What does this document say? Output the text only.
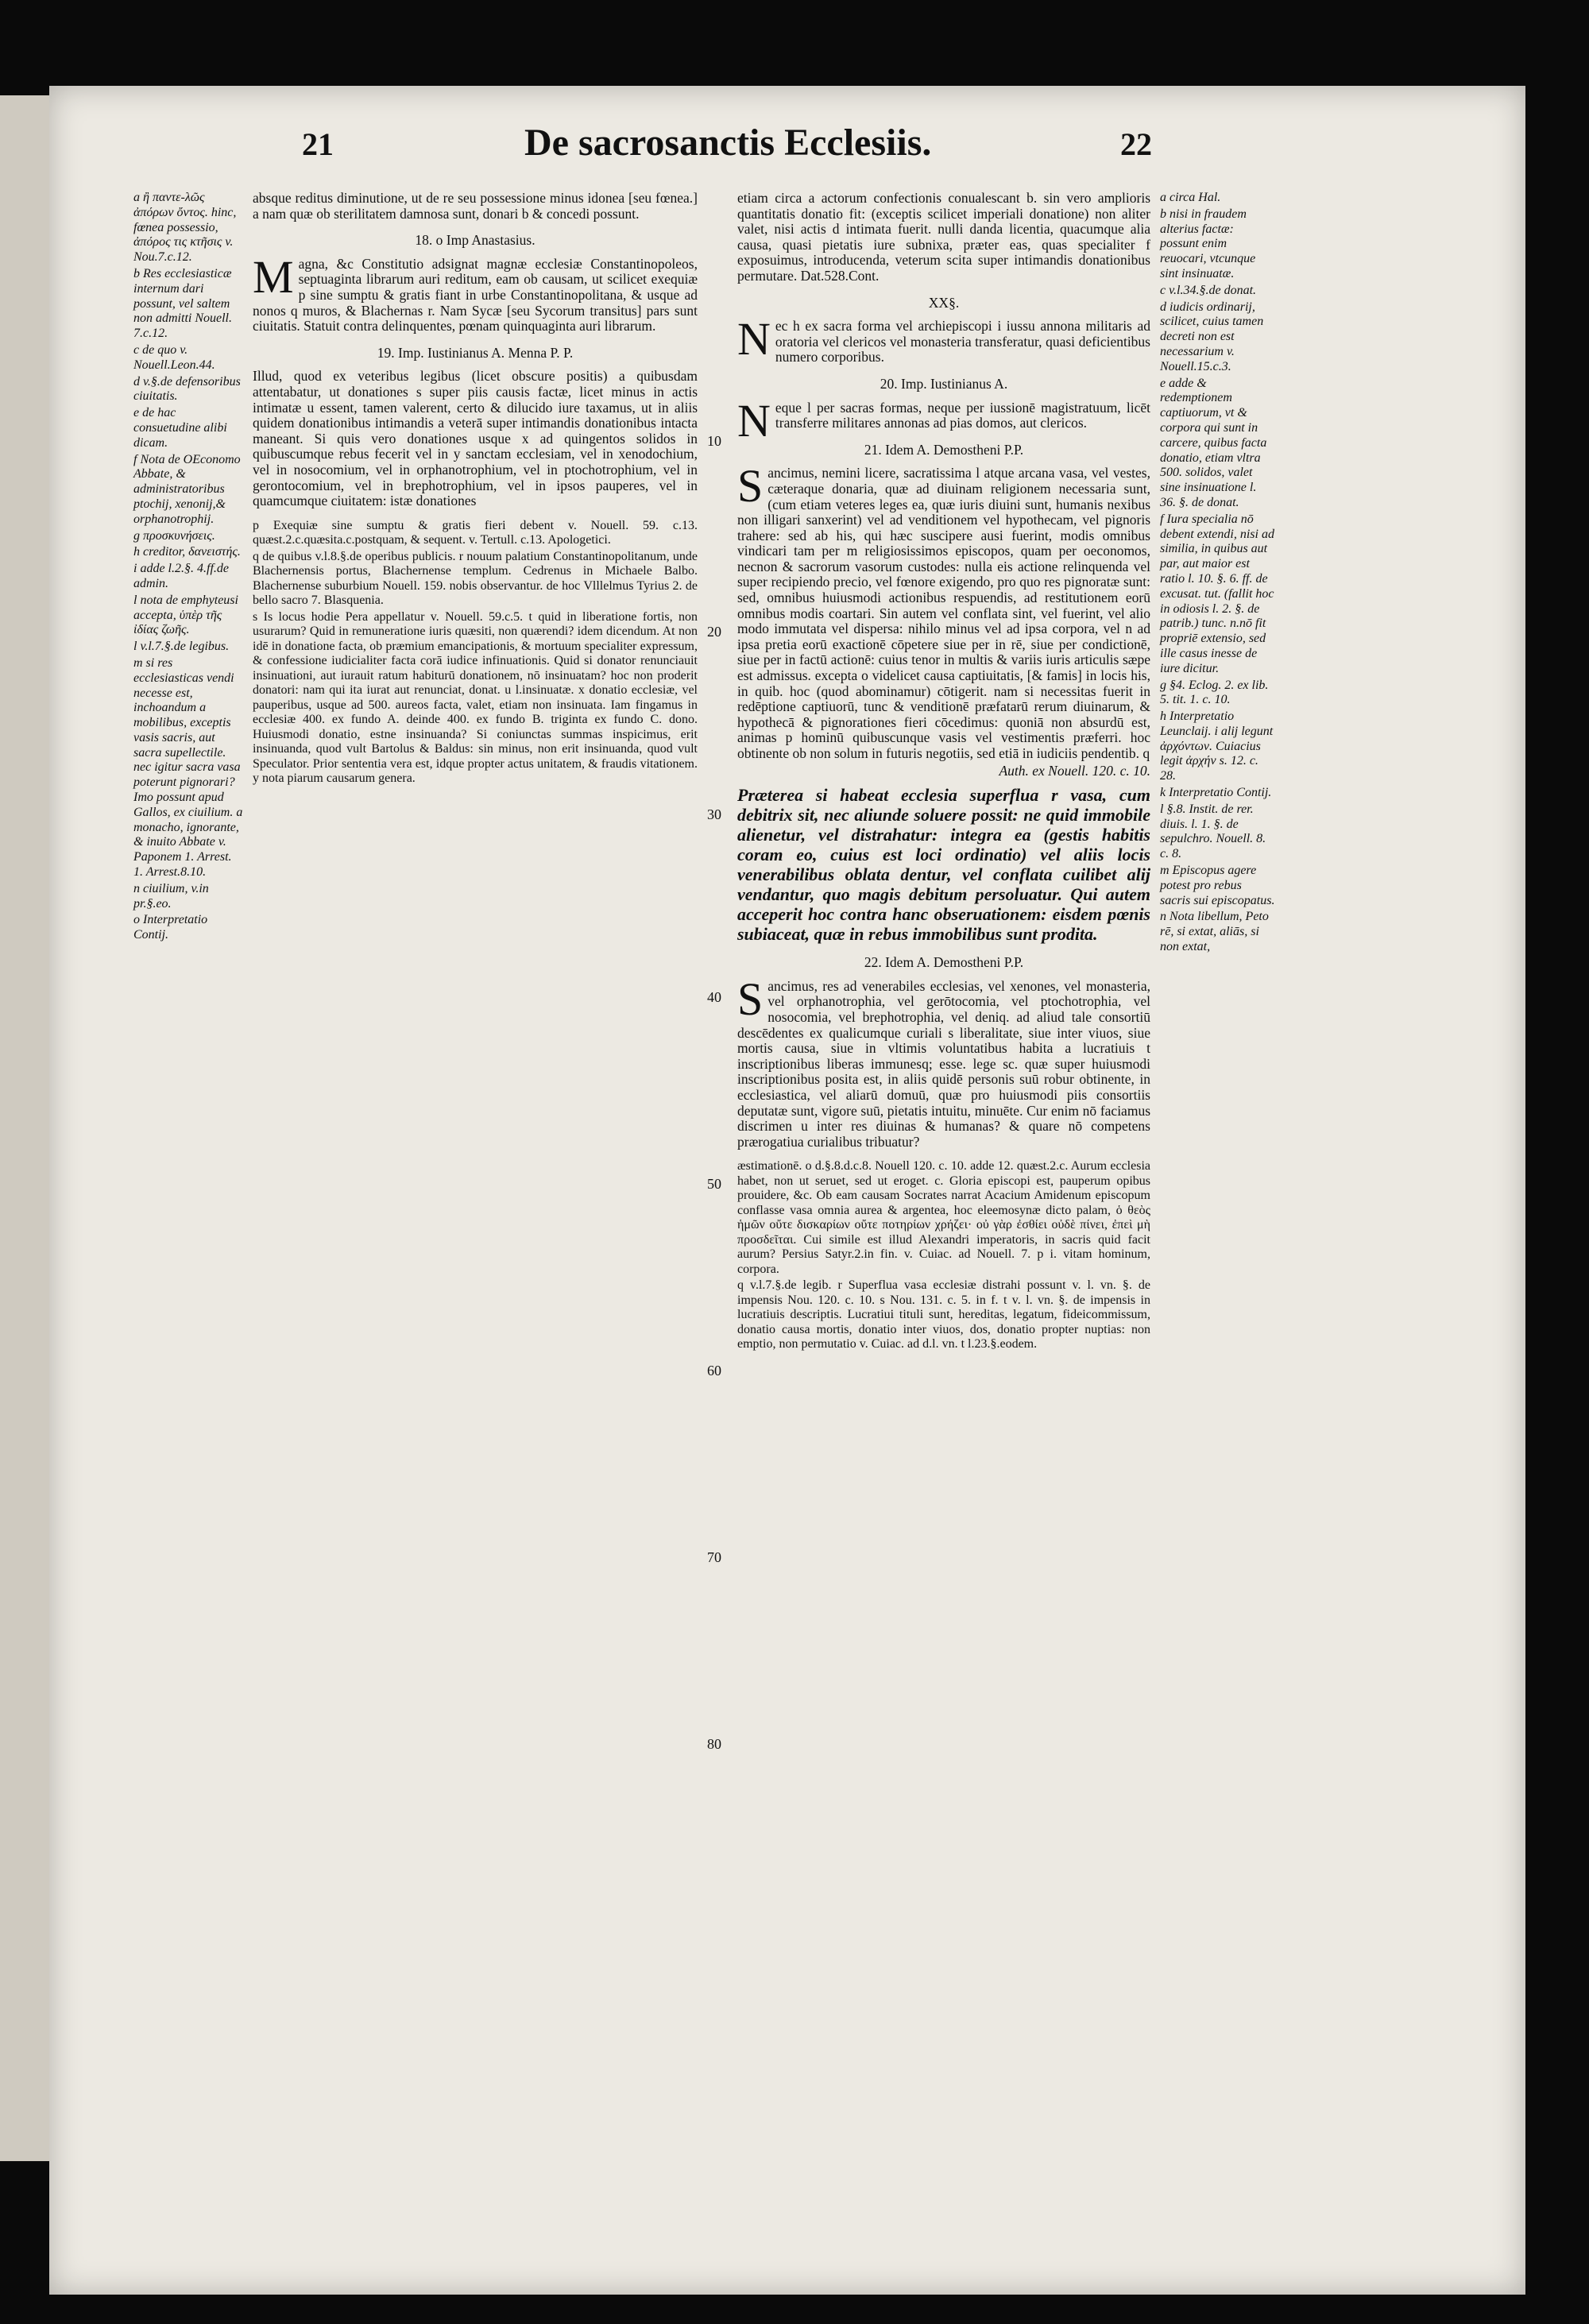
21	De sacrosanctis Ecclesiis.	22

a ἢ παντε-λῶς ἀπόρων ὄντος. hinc, fœnea possessio, ἀπόρος τις κτῆσις v. Nou.7.c.12.

b Res ecclesiasticæ internum dari possunt, vel saltem non admitti Nouell. 7.c.12.

c de quo v. Nouell.Leon.44.

d v.§.de defensoribus ciuitatis.

e de hac consuetudine alibi dicam.

f Nota de OEconomo Abbate, & administratoribus ptochij, xenonij,& orphanotrophij.

g προσκυνήσεις.

h creditor, δανειστής.

i adde l.2.§. 4.ff.de admin.

l nota de emphyteusi accepta, ὑπὲρ τῆς ἰδίας ζωῆς.

l v.l.7.§.de legibus.

m si res ecclesiasticas vendi necesse est, inchoandum a mobilibus, exceptis vasis sacris, aut sacra supellectile. nec igitur sacra vasa poterunt pignorari? Imo possunt apud Gallos, ex ciuilium. a monacho, ignorante, & inuito Abbate v. Paponem 1. Arrest. 1. Arrest.8.10.

n ciuilium, v.in pr.§.eo.

o Interpretatio Contij.

absque reditus diminutione, ut de re seu possessione minus idonea [seu fœnea.] a nam quæ ob sterilitatem damnosa sunt, donari b & concedi possunt.

18. o Imp Anastasius.

Magna, &c Constitutio adsignat magnæ ecclesiæ Constantinopoleos, septuaginta librarum auri reditum, eam ob causam, ut scilicet exequiæ p sine sumptu & gratis fiant in urbe Constantinopolitana, & usque ad nonos q muros, & Blachernas r. Nam Sycæ [seu Sycorum transitus] pars sunt ciuitatis. Statuit contra delinquentes, pœnam quinquaginta auri librarum.

19. Imp. Iustinianus A. Menna P. P.

Illud, quod ex veteribus legibus (licet obscure positis) a quibusdam attentabatur, ut donationes s super piis causis factæ, licet minus in actis intimatæ u essent, tamen valerent, certo & dilucido iure taxamus, ut in aliis quidem donationibus intimandis a veterā super intimandis donationibus intacta maneant. Si quis vero donationes usque x ad quingentos solidos in quibuscumque rebus fecerit vel in y sanctam ecclesiam, vel in xenodochium, vel in nosocomium, vel in orphanotrophium, vel in ptochotrophium, vel in gerontocomium, vel in brephotrophium, vel in ipsos pauperes, vel in quamcumque ciuitatem: istæ donationes

p Exequiæ sine sumptu & gratis fieri debent v. Nouell. 59. c.13. quæst.2.c.quæsita.c.postquam, & sequent. v. Tertull. c.13. Apologetici.

q de quibus v.l.8.§.de operibus publicis. r nouum palatium Constantinopolitanum, unde Blachernensis portus, Blachernense templum. Cedrenus in Michaele Balbo. Blachernense suburbium Nouell. 159. nobis observantur. de hoc Vlllelmus Tyrius 2. de bello sacro 7. Blasquenia.

s Is locus hodie Pera appellatur v. Nouell. 59.c.5. t quid in liberatione fortis, non usurarum? Quid in remuneratione iuris quæsiti, non quærendi? idem dicendum. At non idē in donatione facta, ob præmium emancipationis, & mortuum specialiter expressum, & confessione iudicialiter facta corā iudice infinuationis. Quid si donator renunciauit insinuationi, aut iurauit ratum habiturū donationem, nō insinuatam? hoc non proderit donatori: nam qui ita iurat aut renunciat, donat. u l.insinuatæ. x donatio ecclesiæ, vel pauperibus, usque ad 500. aureos facta, valet, etiam non insinuata. Iam fingamus in ecclesiæ 400. ex fundo A. deinde 400. ex fundo B. triginta ex fundo C. dono. Huiusmodi donatio, estne insinuanda? Si coniunctas summas inspicimus, erit insinuanda, quod vult Bartolus & Baldus: sin minus, non erit insinuanda, quod vult Speculator. Prior sententia vera est, idque propter actus unitatem, & fraudis vitationem. y nota piarum causarum genera.

10
20
30
40
50
60
70
80

etiam circa a actorum confectionis conualescant b. sin vero amplioris quantitatis donatio fit: (exceptis scilicet imperiali donatione) non aliter valet, nisi actis d intimata fuerit. nulli danda licentia, quacumque alia causa, quasi pietatis iure subnixa, præter eas, quas specialiter f exposuimus, introducenda, veterum scita super intimandis donationibus permutare. Dat.528.Cont.

XX§.

Nec h ex sacra forma vel archiepiscopi i iussu annona militaris ad oratoria vel clericos vel monasteria transferatur, quasi deficientibus numero corporibus.

20. Imp. Iustinianus A.

Neque l per sacras formas, neque per iussionē magistratuum, licēt transferre militares annonas ad pias domos, aut clericos.

21. Idem A. Demostheni P.P.

Sancimus, nemini licere, sacratissima l atque arcana vasa, vel vestes, cæteraque donaria, quæ ad diuinam religionem necessaria sunt, (cum etiam veteres leges ea, quæ iuris diuini sunt, humanis nexibus non illigari sanxerint) vel ad venditionem vel hypothecam, vel pignoris trahere: sed ab his, qui hæc suscipere ausi fuerint, modis omnibus vindicari tam per m religiosissimos episcopos, quam per oeconomos, necnon & sacrorum vasorum custodes: nulla eis actione relinquenda vel super recipiendo precio, vel fœnore exigendo, pro quo res pignoratæ sunt: sed, omnibus huiusmodi actionibus respuendis, ad restitutionem eorū omnibus modis coartari. Sin autem vel conflata sint, vel fuerint, vel alio modo immutata vel dispersa: nihilo minus vel ad ipsa corpora, vel n ad ipsa pretia eorū exactionē cōpetere siue per in rē, siue per condictionē, siue per in factū actionē: cuius tenor in multis & variis iuris articulis sæpe est admissus. excepta o videlicet causa captiuitatis, [& famis] in locis his, in quib. hoc (quod abominamur) cōtigerit. nam si necessitas fuerit in redēptione captiuorū, tunc & venditionē præfatarū rerum diuinarum, & hypothecā & pignorationes fieri cōcedimus: quoniā non absurdū est, animas p hominū quibuscunque vasis vel vestimentis præferri. hoc obtinente ob non solum in futuris negotiis, sed etiā in iudiciis pendentib. q

Auth. ex Nouell. 120. c. 10.

Præterea si habeat ecclesia superflua r vasa, cum debitrix sit, nec aliunde soluere possit: ne quid immobile alienetur, vel distrahatur: integra ea (gestis habitis coram eo, cuius est loci ordinatio) vel aliis locis venerabilibus oblata dentur, vel conflata cuilibet alij vendantur, quo magis debitum persoluatur. Qui autem acceperit hoc contra hanc obseruationem: eisdem pœnis subiaceat, quæ in rebus immobilibus sunt prodita.

22. Idem A. Demostheni P.P.

Sancimus, res ad venerabiles ecclesias, vel xenones, vel monasteria, vel orphanotrophia, vel gerōtocomia, vel ptochotrophia, vel nosocomia, vel brephotrophia, vel deniq. ad aliud tale consortiū descēdentes ex qualicumque curiali s liberalitate, siue inter viuos, siue mortis causa, siue in vltimis voluntatibus habita a lucratiuis t inscriptionibus liberas immunesq; esse. lege sc. quæ super huiusmodi inscriptionibus posita est, in aliis quidē personis suū robur obtinente, in ecclesiastica, vel aliarū domuū, quæ pro huiusmodi piis consortiis deputatæ sunt, vigore suū, pietatis intuitu, minuēte. Cur enim nō faciamus discrimen u inter res diuinas & humanas? & quare nō competens prærogatiua curialibus tribuatur?

æstimationē. o d.§.8.d.c.8. Nouell 120. c. 10. adde 12. quæst.2.c. Aurum ecclesia habet, non ut seruet, sed ut eroget. c. Gloria episcopi est, pauperum opibus prouidere, &c. Ob eam causam Socrates narrat Acacium Amidenum episcopum conflasse vasa omnia aurea & argentea, hoc eleemosynæ dicto palam, ὁ θεὸς ἡμῶν οὔτε δισκαρίων οὔτε ποτηρίων χρήζει· οὐ γὰρ ἐσθίει οὐδὲ πίνει, ἐπεὶ μὴ προσδεῖται. Cui simile est illud Alexandri imperatoris, in sacris quid facit aurum? Persius Satyr.2.in fin. v. Cuiac. ad Nouell. 7. p i. vitam hominum, corpora.

q v.l.7.§.de legib. r Superflua vasa ecclesiæ distrahi possunt v. l. vn. §. de impensis Nou. 120. c. 10. s Nou. 131. c. 5. in f. t v. l. vn. §. de impensis in lucratiuis descriptis. Lucratiui tituli sunt, hereditas, legatum, fideicommissum, donatio causa mortis, donatio inter viuos, dos, donatio propter nuptias: non emptio, non permutatio v. Cuiac. ad d.l. vn. t l.23.§.eodem.

a circa Hal.

b nisi in fraudem alterius factæ: possunt enim reuocari, vtcunque sint insinuatæ.

c v.l.34.§.de donat.

d iudicis ordinarij, scilicet, cuius tamen decreti non est necessarium v. Nouell.15.c.3.

e adde & redemptionem captiuorum, vt & corpora qui sunt in carcere, quibus facta donatio, etiam vltra 500. solidos, valet sine insinuatione l. 36. §. de donat.

f Iura specialia nō debent extendi, nisi ad similia, in quibus aut par, aut maior est ratio l. 10. §. 6. ff. de excusat. tut. (fallit hoc in odiosis l. 2. §. de patrib.) tunc. n.nō fit propriē extensio, sed ille casus inesse de iure dicitur.

g §4. Eclog. 2. ex lib. 5. tit. 1. c. 10.

h Interpretatio Leunclaij. i alij legunt ἀρχόντων. Cuiacius legit ἀρχήν s. 12. c. 28.

k Interpretatio Contij.

l §.8. Instit. de rer. diuis. l. 1. §. de sepulchro. Nouell. 8. c. 8.

m Episcopus agere potest pro rebus sacris sui episcopatus.

n Nota libellum, Peto rē, si extat, aliās, si non extat,
